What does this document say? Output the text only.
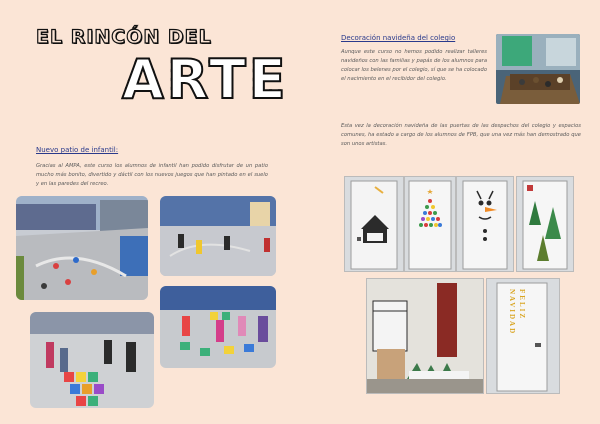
EL RINCÓN DEL
ARTE
Nuevo patio de infantil:
Gracias al AMPA, este curso los alumnos de infantil han podido disfrutar de un patio mucho más bonito, divertido y dáctil con los nuevos juegos que han pintado en el suelo y en las paredes del recreo.
Decoración navideña del colegio
Aunque este curso no hemos podido realizar talleres navideños con las familias y papás de los alumnos para colocar los belenes por el colegio, sí que se ha colocado el nacimiento en el recibidor del colegio.
Esta vez la decoración navideña de las puertas de las despachos del colegio y espacios comunes, ha estado a cargo de los alumnos de FPB, que una vez más han demostrado que son unos artistas.
NAVIDAD FELIZ
